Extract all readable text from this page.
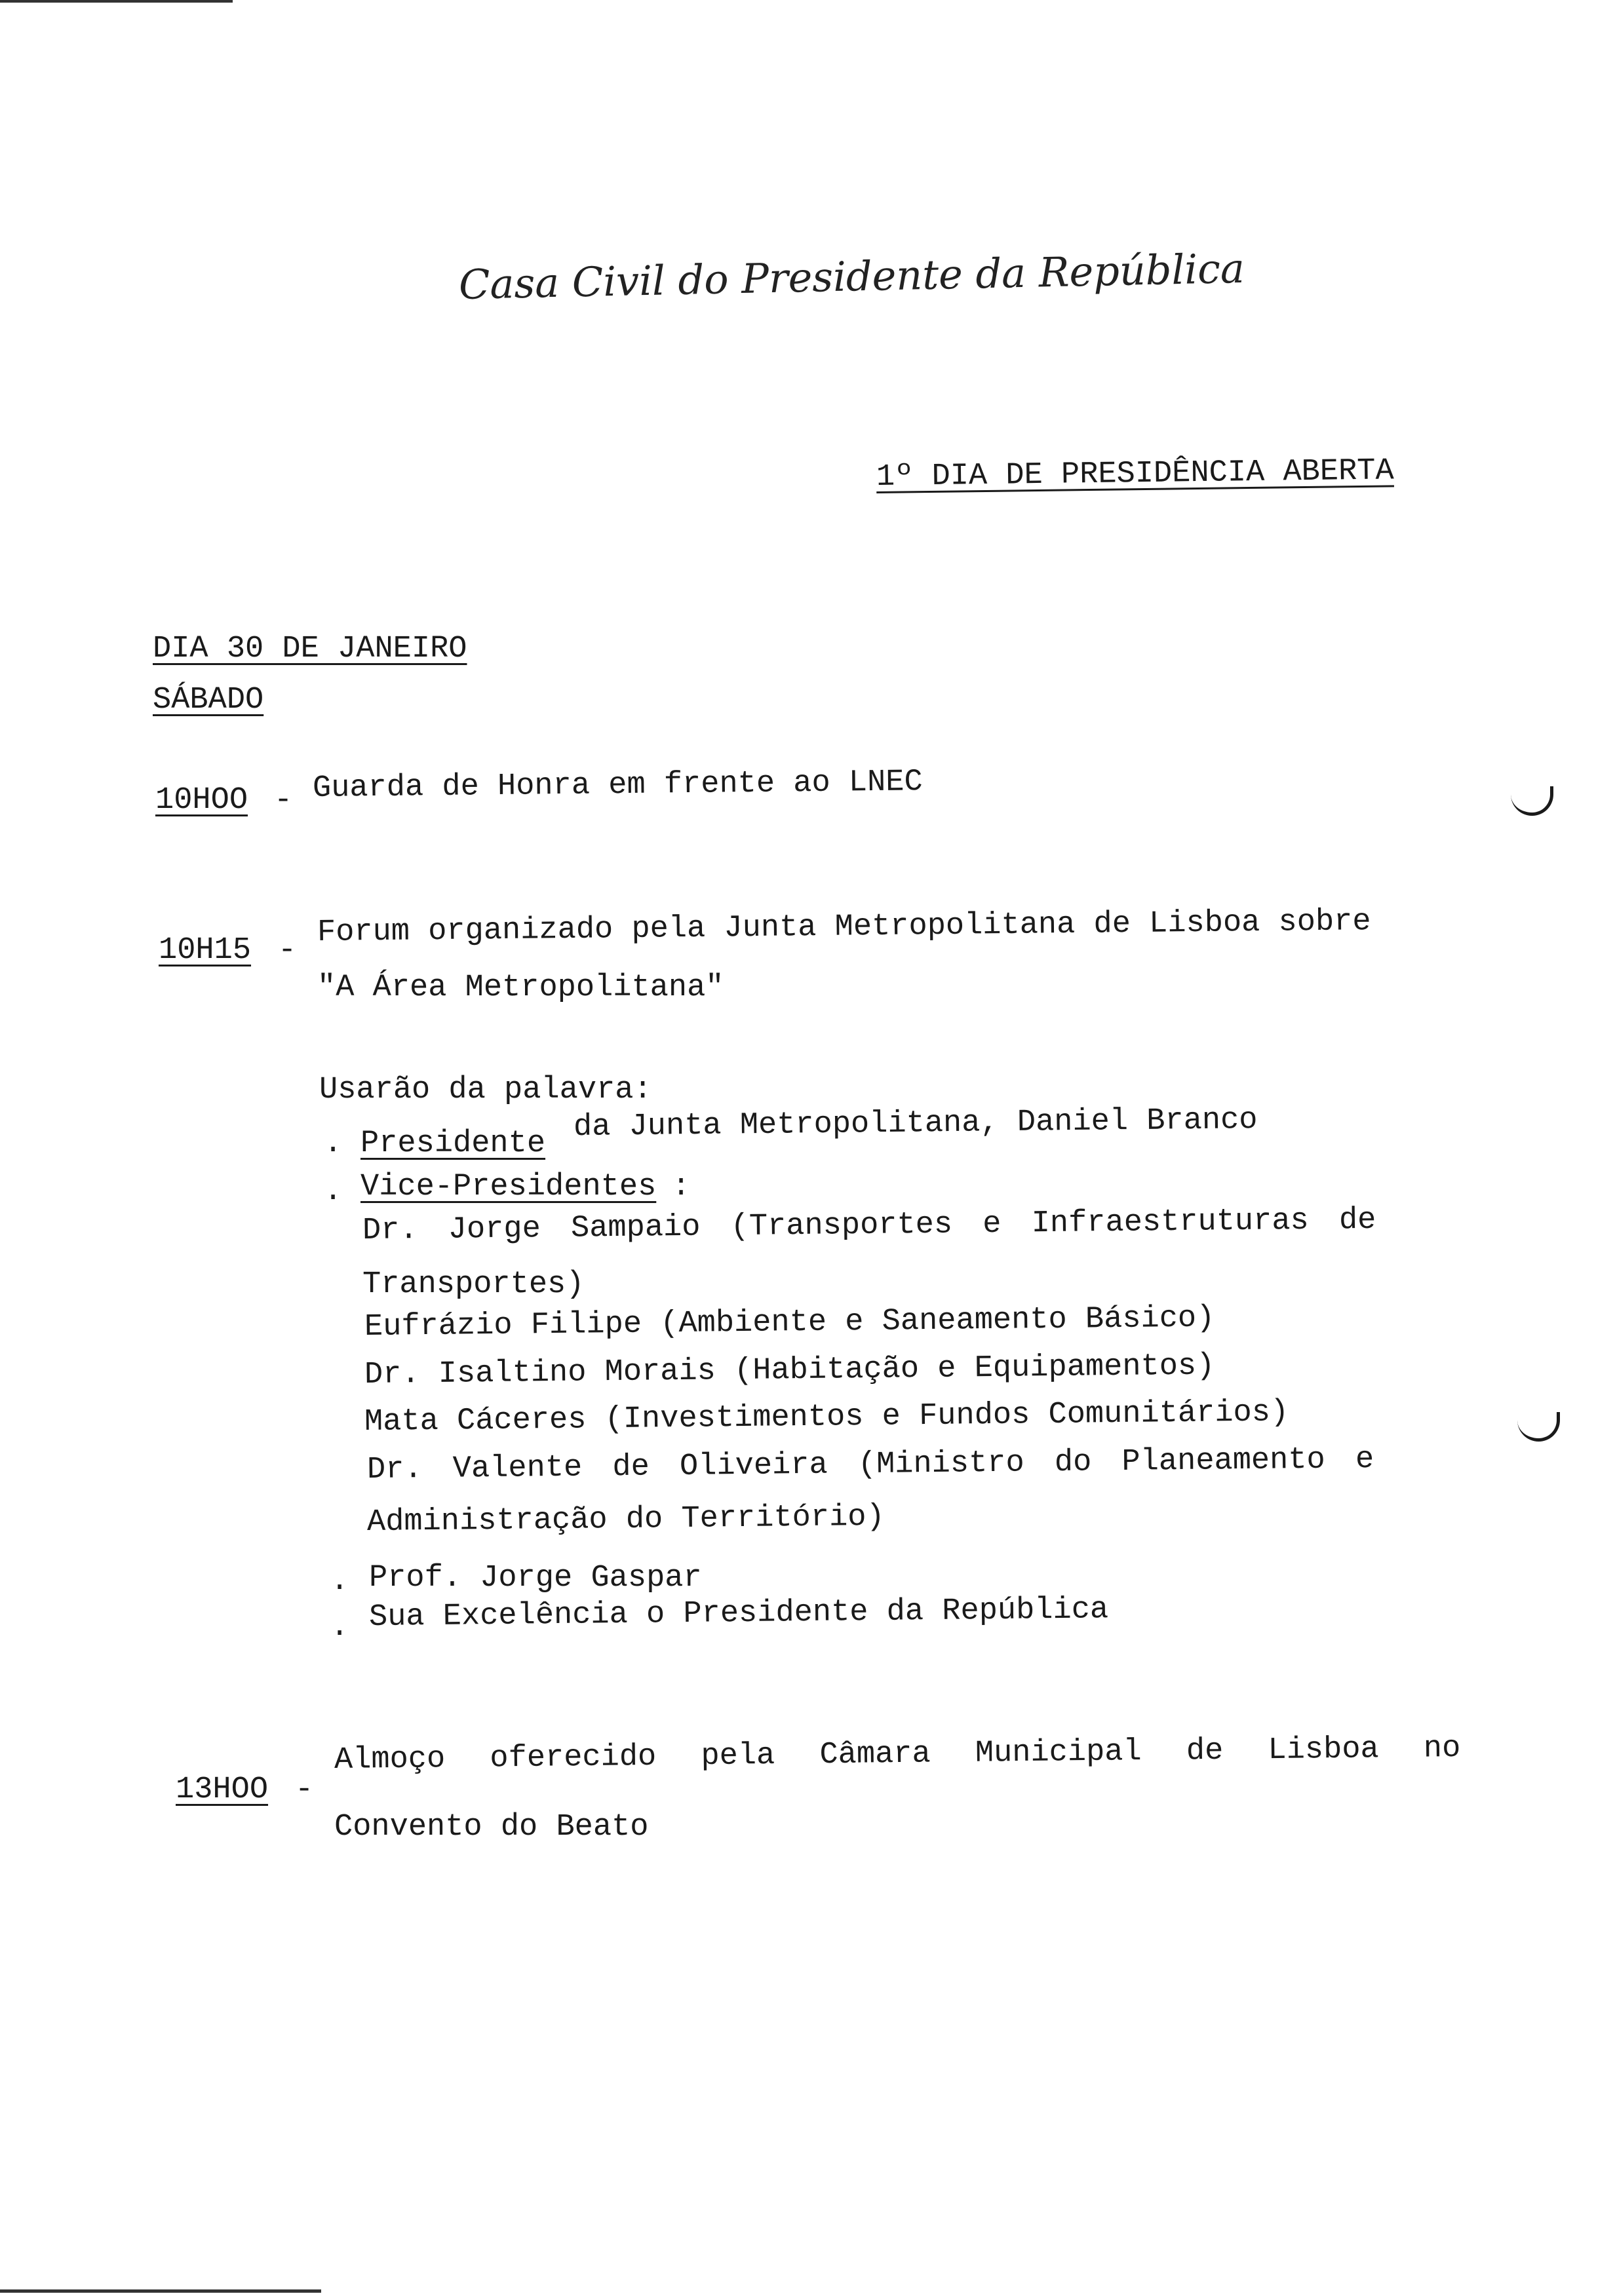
Casa Civil do Presidente da República
1º DIA DE PRESIDÊNCIA ABERTA
DIA 30 DE JANEIRO
SÁBADO
10HOO - Guarda de Honra em frente ao LNEC
10H15 -
Forum organizado pela Junta Metropolitana de Lisboa sobre
"A Área Metropolitana"
Usarão da palavra:
. Presidente da Junta Metropolitana, Daniel Branco
. Vice-Presidentes :
Dr. Jorge Sampaio (Transportes e Infraestruturas de
Transportes)
Eufrázio Filipe (Ambiente e Saneamento Básico)
Dr. Isaltino Morais (Habitação e Equipamentos)
Mata Cáceres (Investimentos e Fundos Comunitários)
Dr. Valente de Oliveira (Ministro do Planeamento e
Administração do Território)
. Prof. Jorge Gaspar
. Sua Excelência o Presidente da República
13HOO -
Almoço oferecido pela Câmara Municipal de Lisboa no
Convento do Beato
